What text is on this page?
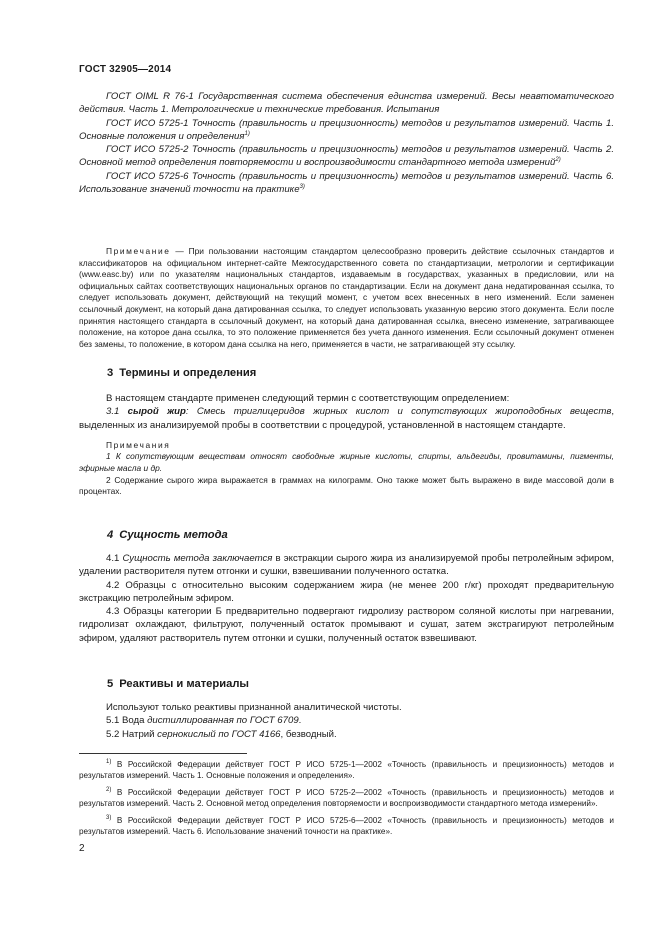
ГОСТ 32905—2014

ГОСТ OIML R 76-1 Государственная система обеспечения единства измерений. Весы неавтоматического действия. Часть 1. Метрологические и технические требования. Испытания

ГОСТ ИСО 5725-1 Точность (правильность и прецизионность) методов и результатов измерений. Часть 1. Основные положения и определения$^{1)}$

ГОСТ ИСО 5725-2 Точность (правильность и прецизионность) методов и результатов измерений. Часть 2. Основной метод определения повторяемости и воспроизводимости стандартного метода измерений$^{2)}$

ГОСТ ИСО 5725-6 Точность (правильность и прецизионность) методов и результатов измерений. Часть 6. Использование значений точности на практике$^{3)}$

Примечание — При пользовании настоящим стандартом целесообразно проверить действие ссылочных стандартов и классификаторов на официальном интернет-сайте Межгосударственного совета по стандартизации, метрологии и сертификации (www.easc.by) или по указателям национальных стандартов, издаваемым в государствах, указанных в предисловии, или на официальных сайтах соответствующих национальных органов по стандартизации. Если на документ дана недатированная ссылка, то следует использовать документ, действующий на текущий момент, с учетом всех внесенных в него изменений. Если заменен ссылочный документ, на который дана датированная ссылка, то следует использовать указанную версию этого документа. Если после принятия настоящего стандарта в ссылочный документ, на который дана датированная ссылка, внесено изменение, затрагивающее положение, на которое дана ссылка, то это положение применяется без учета данного изменения. Если ссылочный документ отменен без замены, то положение, в котором дана ссылка на него, применяется в части, не затрагивающей эту ссылку.

3 Термины и определения

В настоящем стандарте применен следующий термин с соответствующим определением:

3.1 сырой жир: Смесь триглицеридов жирных кислот и сопутствующих жироподобных веществ, выделенных из анализируемой пробы в соответствии с процедурой, установленной в настоящем стандарте.

Примечания

1 К сопутствующим веществам относят свободные жирные кислоты, спирты, альдегиды, провитамины, пигменты, эфирные масла и др.

2 Содержание сырого жира выражается в граммах на килограмм. Оно также может быть выражено в виде массовой доли в процентах.

4 Сущность метода

4.1 Сущность метода заключается в экстракции сырого жира из анализируемой пробы петролейным эфиром, удалении растворителя путем отгонки и сушки, взвешивании полученного остатка.

4.2 Образцы с относительно высоким содержанием жира (не менее 200 г/кг) проходят предварительную экстракцию петролейным эфиром.

4.3 Образцы категории Б предварительно подвергают гидролизу раствором соляной кислоты при нагревании, гидролизат охлаждают, фильтруют, полученный остаток промывают и сушат, затем экстрагируют петролейным эфиром, удаляют растворитель путем отгонки и сушки, полученный остаток взвешивают.

5 Реактивы и материалы

Используют только реактивы признанной аналитической чистоты.

5.1 Вода дистиллированная по ГОСТ 6709.

5.2 Натрий сернокислый по ГОСТ 4166, безводный.

$^{1)}$ В Российской Федерации действует ГОСТ Р ИСО 5725-1—2002 «Точность (правильность и прецизионность) методов и результатов измерений. Часть 1. Основные положения и определения».

$^{2)}$ В Российской Федерации действует ГОСТ Р ИСО 5725-2—2002 «Точность (правильность и прецизионность) методов и результатов измерений. Часть 2. Основной метод определения повторяемости и воспроизводимости стандартного метода измерений».

$^{3)}$ В Российской Федерации действует ГОСТ Р ИСО 5725-6—2002 «Точность (правильность и прецизионность) методов и результатов измерений. Часть 6. Использование значений точности на практике».

2
